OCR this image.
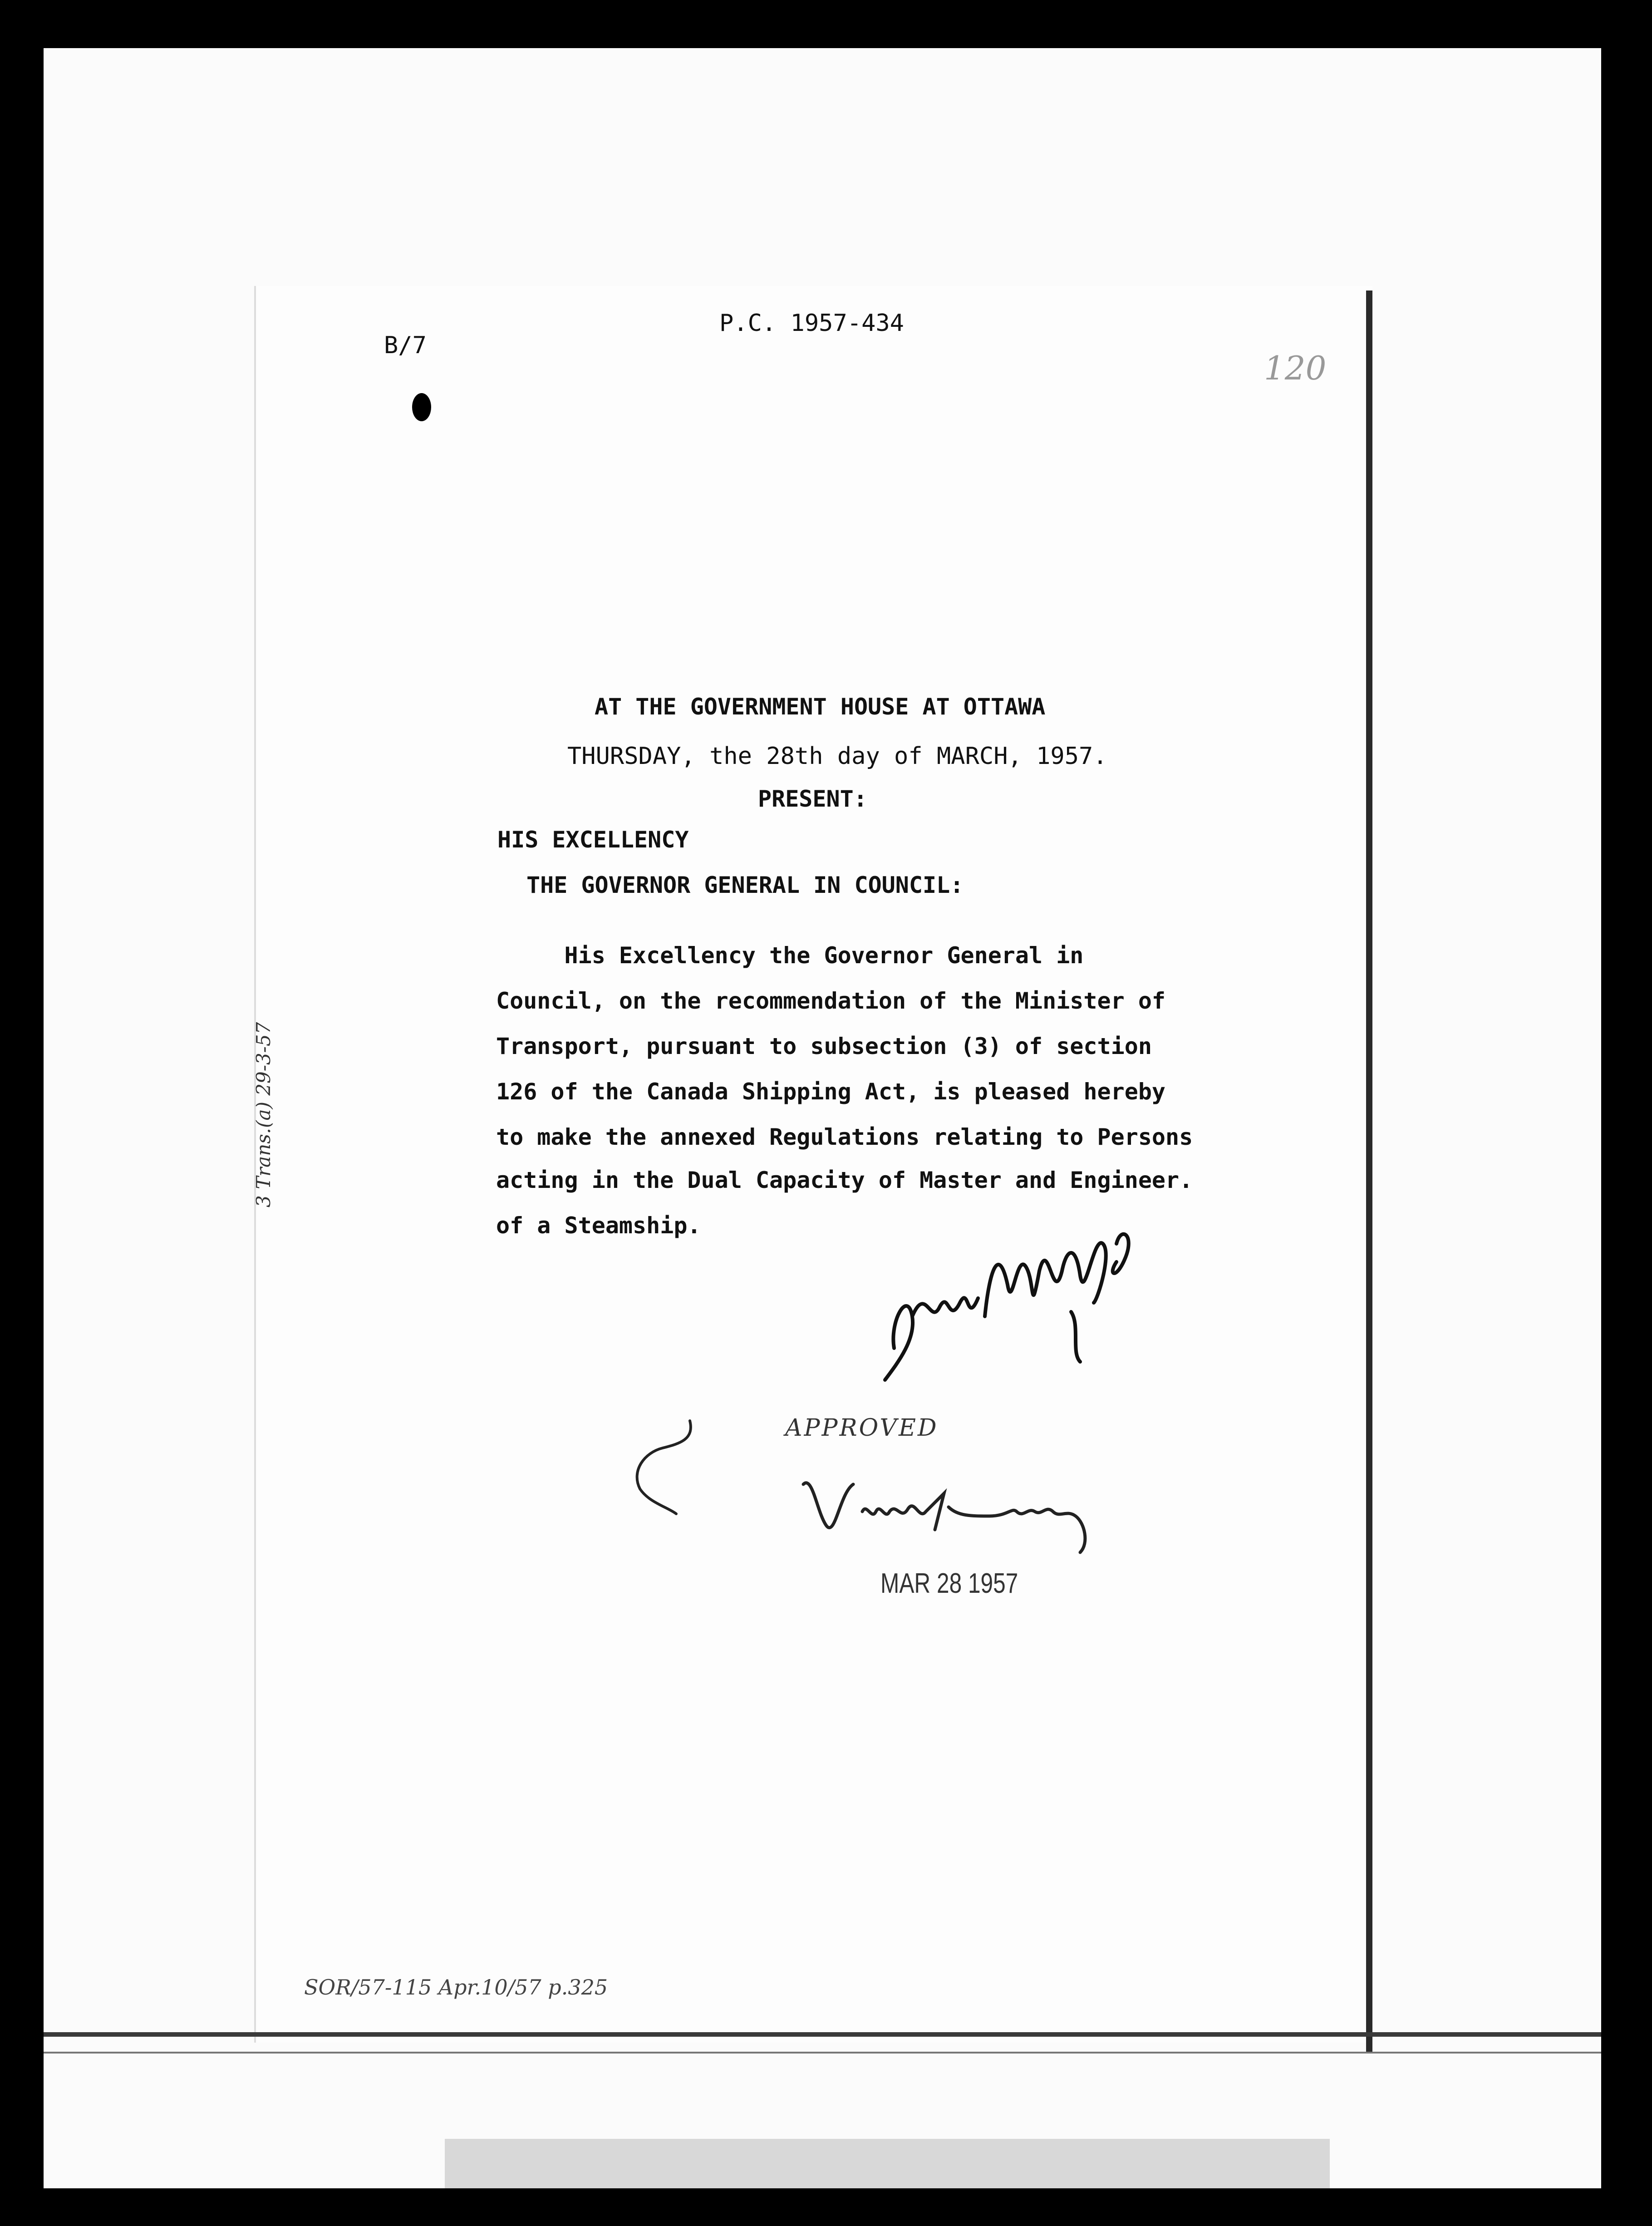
P.C. 1957-434
B/7
120
AT THE GOVERNMENT HOUSE AT OTTAWA
THURSDAY, the 28th day of MARCH, 1957.
PRESENT:
HIS EXCELLENCY
THE GOVERNOR GENERAL IN COUNCIL:
His Excellency the Governor General in
Council, on the recommendation of the Minister of
Transport, pursuant to subsection (3) of section
126 of the Canada Shipping Act, is pleased hereby
to make the annexed Regulations relating to Persons
acting in the Dual Capacity of Master and Engineer.
of a Steamship.
3 Trans.(a) 29-3-57
APPROVED
MAR 28 1957
SOR/57-115 Apr.10/57 p.325
